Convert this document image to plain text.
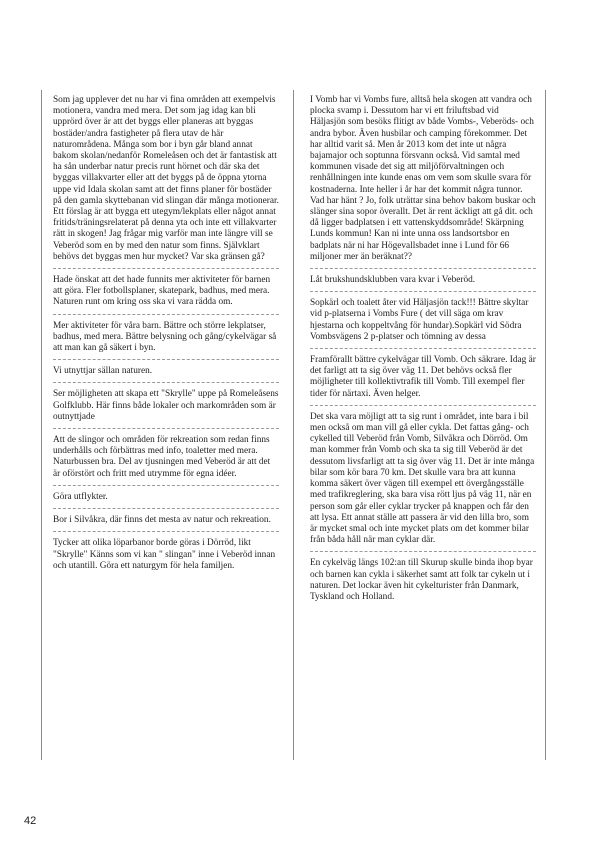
Som jag upplever det nu har vi fina områden att exempelvis motionera, vandra med mera. Det som jag idag kan bli upprörd över är att det byggs eller planeras att byggas bostäder/andra fastigheter på flera utav de här naturområdena. Många som bor i byn går bland annat bakom skolan/nedanför Romeleåsen och det är fantastisk att ha sån underbar natur precis runt hörnet och där ska det byggas villakvarter eller att det byggs på de öppna ytorna uppe vid Idala skolan samt att det finns planer för bostäder på den gamla skyttebanan vid slingan där många motionerar. Ett förslag är att bygga ett utegym/lekplats eller något annat fritids/träningsrelaterat på denna yta och inte ett villakvarter rätt in skogen! Jag frågar mig varför man inte längre vill se Veberöd som en by med den natur som finns. Självklart behövs det byggas men hur mycket? Var ska gränsen gå?

Hade önskat att det hade funnits mer aktiviteter för barnen att göra. Fler fotbollsplaner, skatepark, badhus, med mera. Naturen runt om kring oss ska vi vara rädda om.

Mer aktiviteter för våra barn. Bättre och större lekplatser, badhus, med mera. Bättre belysning och gång/cykelvägar så att man kan gå säkert i byn.

Vi utnyttjar sällan naturen.

Ser möjligheten att skapa ett "Skrylle" uppe på Romeleåsens Golfklubb. Här finns både lokaler och markområden som är outnyttjade

Att de slingor och områden för rekreation som redan finns underhålls och förbättras med info, toaletter med mera. Naturbussen bra. Del av tjusningen med Veberöd är att det är oförstört och fritt med utrymme för egna idéer.

Göra utflykter.

Bor i Silvåkra, där finns det mesta av natur och rekreation.

Tycker att olika löparbanor borde göras i Dörröd, likt "Skrylle" Känns som vi kan " slingan" inne i Veberöd innan och utantill. Göra ett naturgym för hela familjen.

I Vomb har vi Vombs fure, alltså hela skogen att vandra och plocka svamp i. Dessutom har vi ett friluftsbad vid Häljasjön som besöks flitigt av både Vombs-, Veberöds- och andra bybor. Även husbilar och camping förekommer. Det har alltid varit så. Men år 2013 kom det inte ut några bajamajor och soptunna försvann också. Vid samtal med kommunen visade det sig att miljöförvaltningen och renhållningen inte kunde enas om vem som skulle svara för kostnaderna. Inte heller i år har det kommit några tunnor. Vad har hänt ? Jo, folk uträttar sina behov bakom buskar och slänger sina sopor överallt. Det är rent äckligt att gå dit. och då ligger badplatsen i ett vattenskyddsområde! Skärpning Lunds kommun! Kan ni inte unna oss landsortsbor en badplats när ni har Högevallsbadet inne i Lund för 66 miljoner mer än beräknat??

Låt brukshundsklubben vara kvar i Veberöd.

Sopkärl och toalett åter vid Häljasjön tack!!! Bättre skyltar vid p-platserna i Vombs Fure ( det vill säga om krav hjestarna och koppeltvång för hundar).Sopkärl vid Södra Vombsvägens 2 p-platser och tömning av dessa

Framförallt bättre cykelvägar till Vomb. Och säkrare. Idag är det farligt att ta sig över väg 11. Det behövs också fler möjligheter till kollektivtrafik till Vomb. Till exempel fler tider för närtaxi. Även helger.

Det ska vara möjligt att ta sig runt i området, inte bara i bil men också om man vill gå eller cykla. Det fattas gång- och cykelled till Veberöd från Vomb, Silvåkra och Dörröd. Om man kommer från Vomb och ska ta sig till Veberöd är det dessutom livsfarligt att ta sig över väg 11. Det är inte många bilar som kör bara 70 km. Det skulle vara bra att kunna komma säkert över vägen till exempel ett övergångsställe med trafikreglering, ska bara visa rött ljus på väg 11, när en person som går eller cyklar trycker på knappen och får den att lysa. Ett annat ställe att passera är vid den lilla bro, som är mycket smal och inte mycket plats om det kommer bilar från båda håll när man cyklar där.

En cykelväg längs 102:an till Skurup skulle binda ihop byar och barnen kan cykla i säkerhet samt att folk tar cykeln ut i naturen. Det lockar även hit cykelturister från Danmark, Tyskland och Holland.

42
